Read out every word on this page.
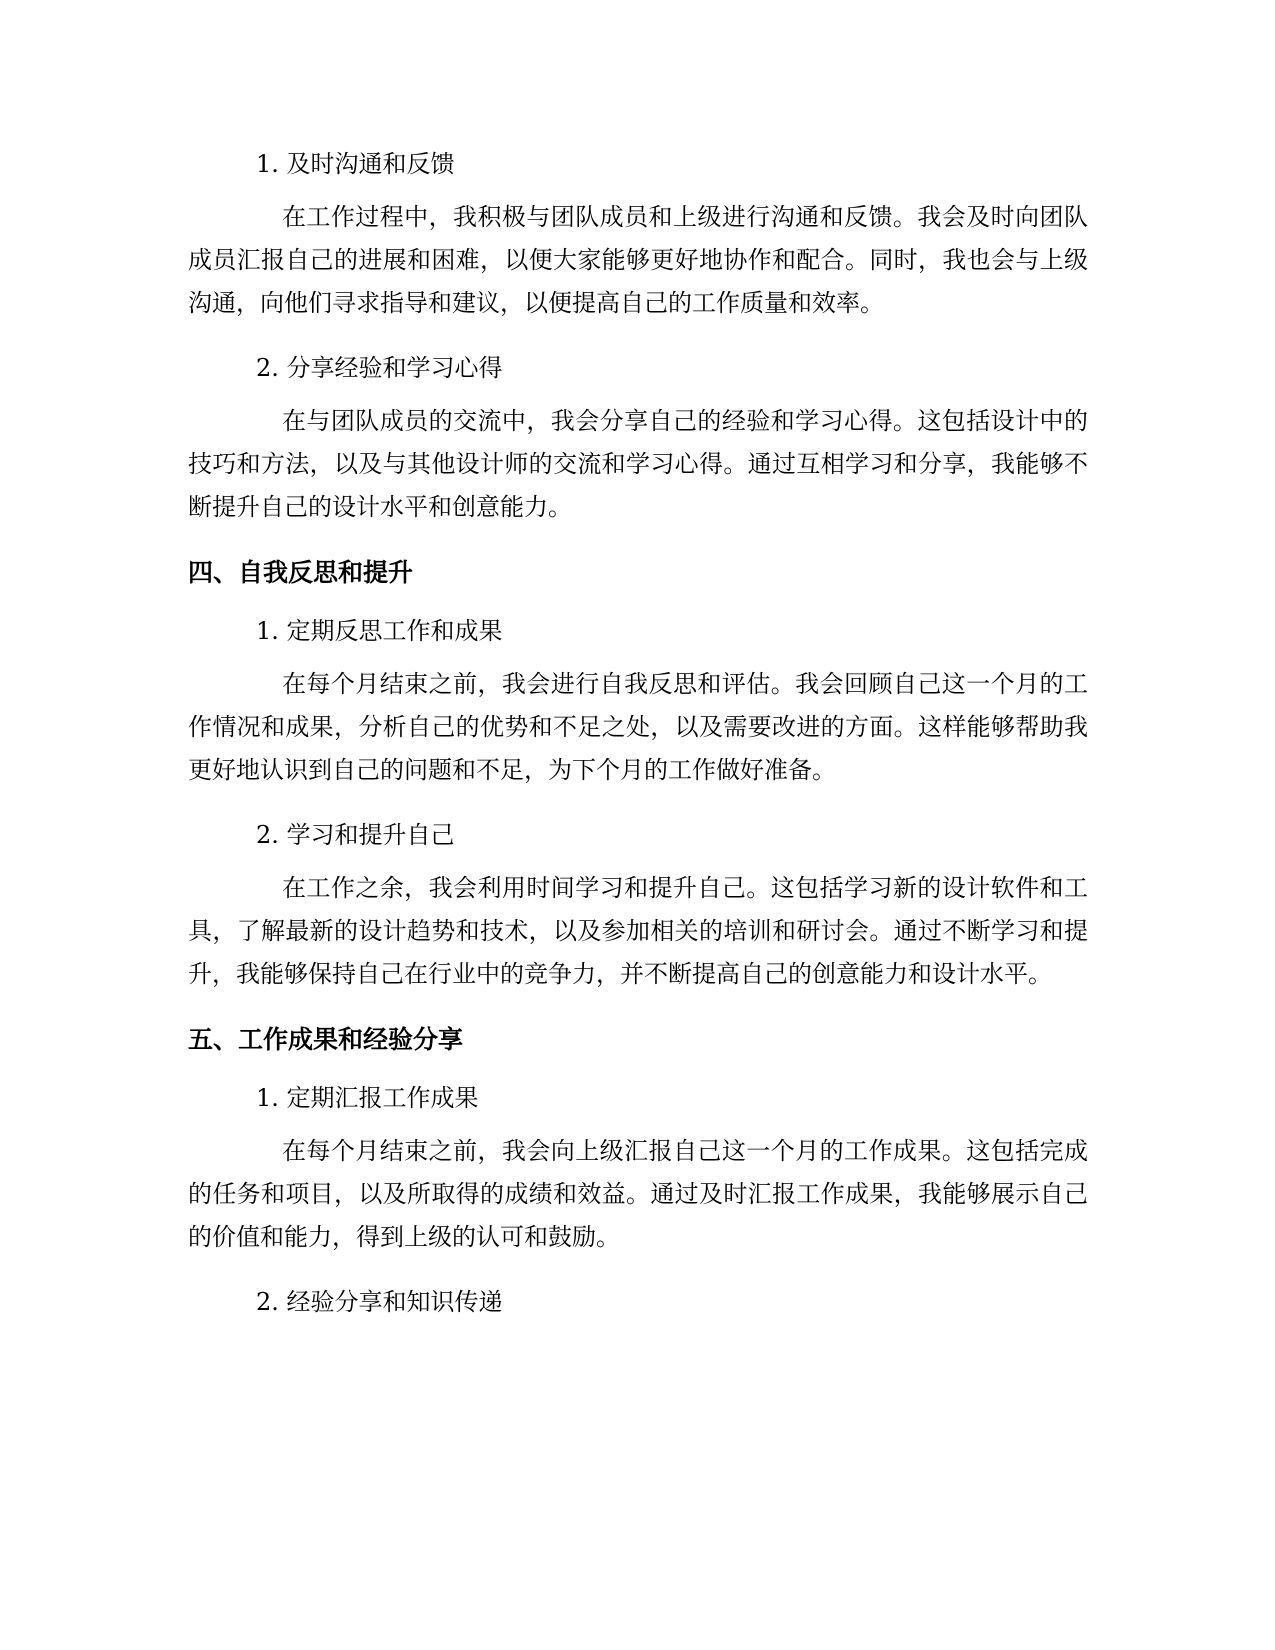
1. 及时沟通和反馈

在工作过程中，我积极与团队成员和上级进行沟通和反馈。我会及时向团队成员汇报自己的进展和困难，以便大家能够更好地协作和配合。同时，我也会与上级沟通，向他们寻求指导和建议，以便提高自己的工作质量和效率。

2. 分享经验和学习心得

在与团队成员的交流中，我会分享自己的经验和学习心得。这包括设计中的技巧和方法，以及与其他设计师的交流和学习心得。通过互相学习和分享，我能够不断提升自己的设计水平和创意能力。

四、自我反思和提升
1. 定期反思工作和成果

在每个月结束之前，我会进行自我反思和评估。我会回顾自己这一个月的工作情况和成果，分析自己的优势和不足之处，以及需要改进的方面。这样能够帮助我更好地认识到自己的问题和不足，为下个月的工作做好准备。

2. 学习和提升自己

在工作之余，我会利用时间学习和提升自己。这包括学习新的设计软件和工具，了解最新的设计趋势和技术，以及参加相关的培训和研讨会。通过不断学习和提升，我能够保持自己在行业中的竞争力，并不断提高自己的创意能力和设计水平。

五、工作成果和经验分享
1. 定期汇报工作成果

在每个月结束之前，我会向上级汇报自己这一个月的工作成果。这包括完成的任务和项目，以及所取得的成绩和效益。通过及时汇报工作成果，我能够展示自己的价值和能力，得到上级的认可和鼓励。

2. 经验分享和知识传递
